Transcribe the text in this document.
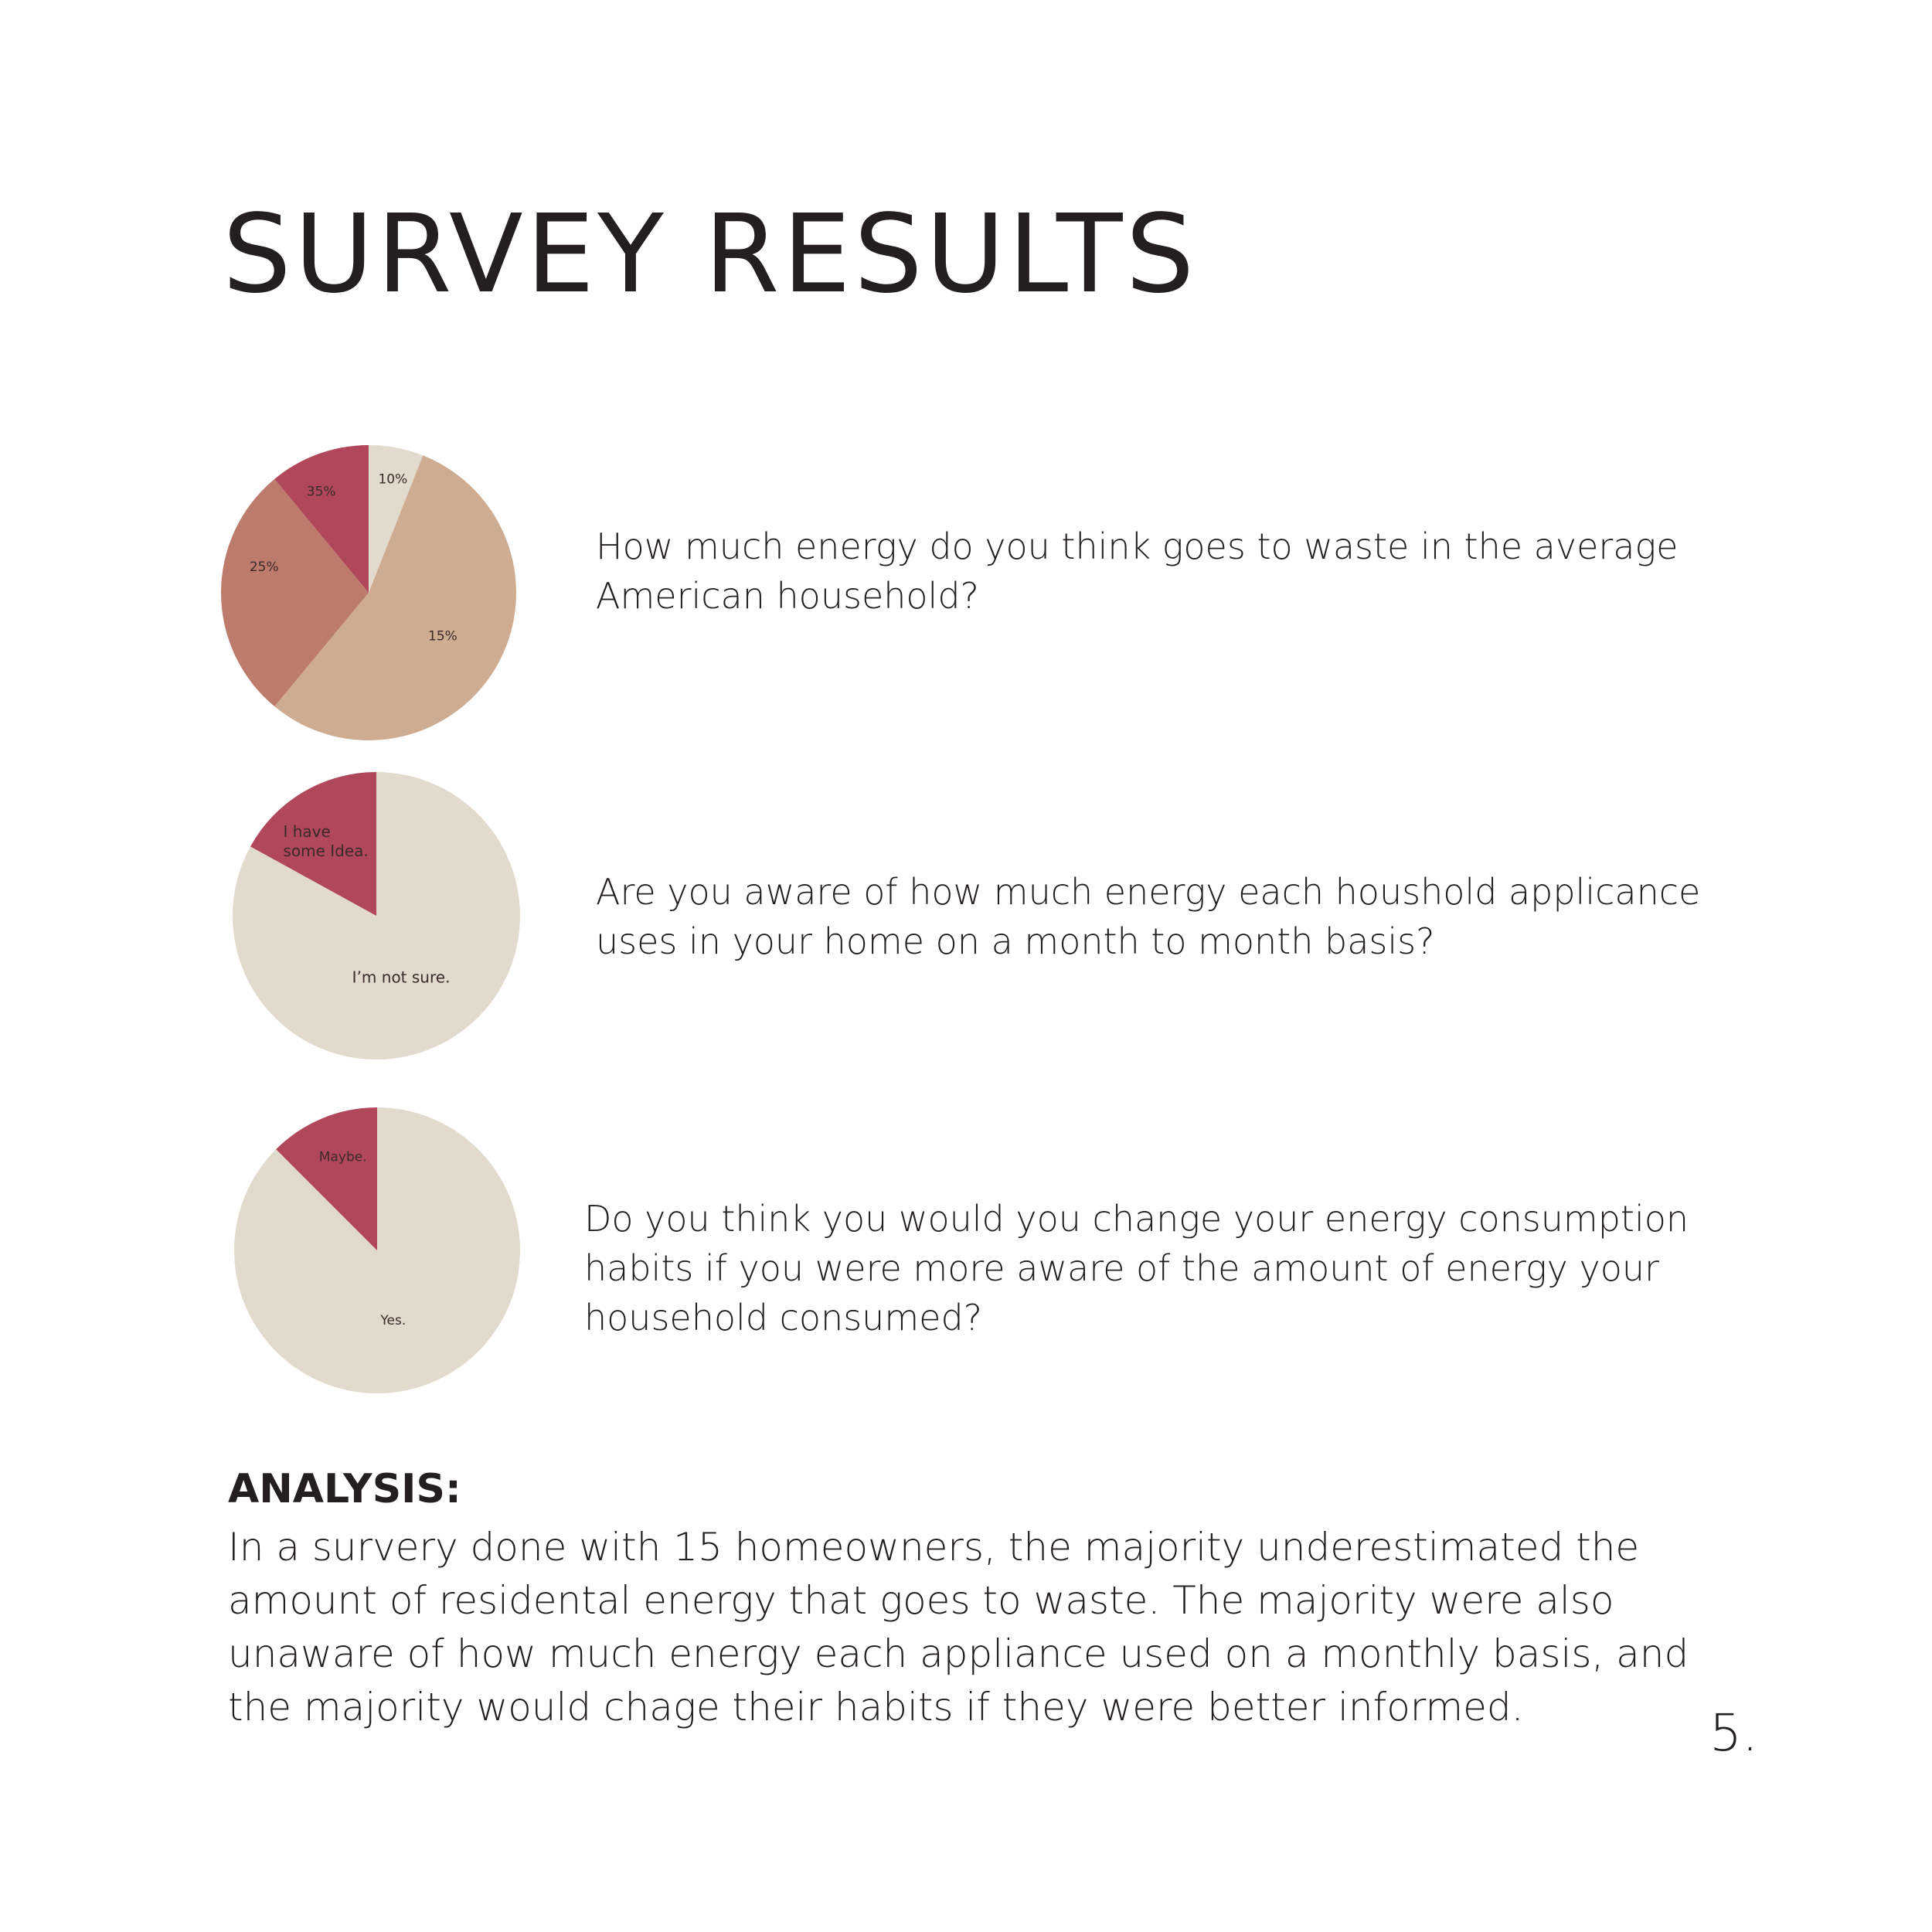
SURVEY RESULTS
10%
15%
25%
35%
I’m not sure.
I have some Idea.
Yes.
Maybe.

How much energy do you think goes to waste in the average American household?

Are you aware of how much energy each houshold applicance uses in your home on a month to month basis?

Do you think you would you change your energy consumption habits if you were more aware of the amount of energy your household consumed?

ANALYSIS:

In a survery done with 15 homeowners, the majority underestimated the amount of residental energy that goes to waste. The majority were also unaware of how much energy each appliance used on a monthly basis, and the majority would chage their habits if they were better informed.	5.
